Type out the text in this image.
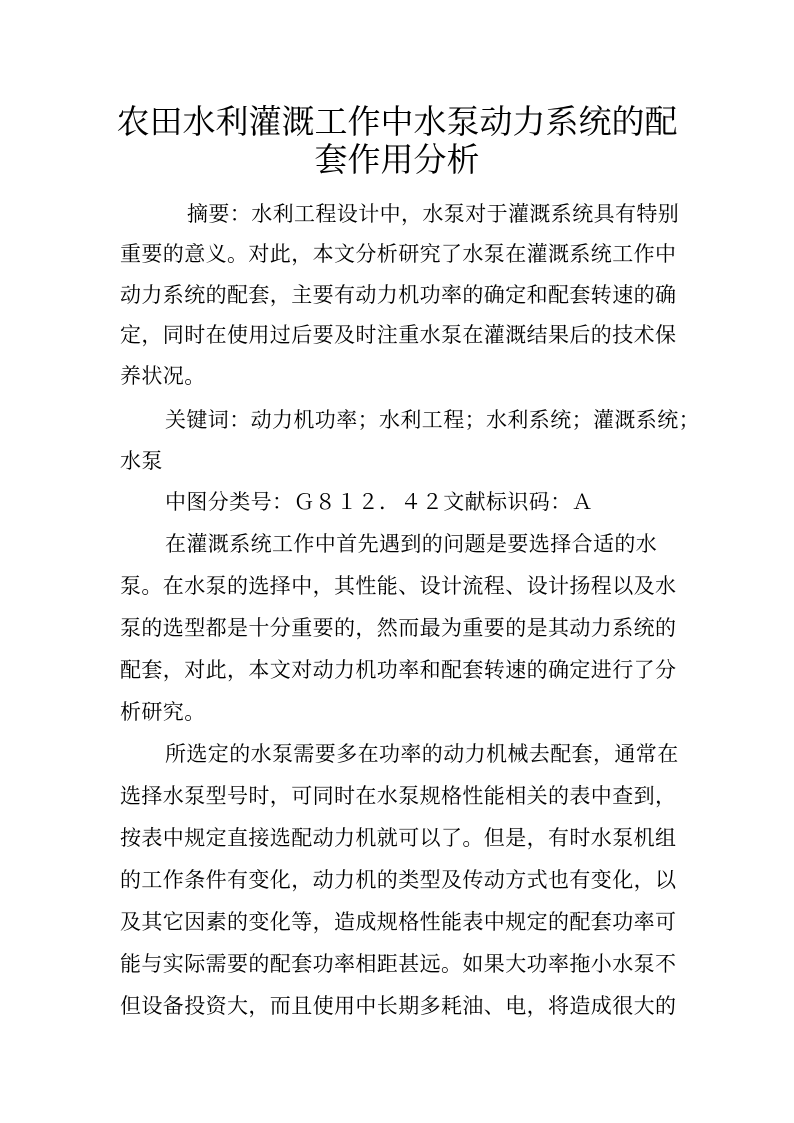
农田水利灌溉工作中水泵动力系统的配
套作用分析
摘要：水利工程设计中，水泵对于灌溉系统具有特别
重要的意义。对此，本文分析研究了水泵在灌溉系统工作中
动力系统的配套，主要有动力机功率的确定和配套转速的确
定，同时在使用过后要及时注重水泵在灌溉结果后的技术保
养状况。
关键词：动力机功率；水利工程；水利系统；灌溉系统；
水泵
中图分类号：Ｇ８１２．４２文献标识码：Ａ
在灌溉系统工作中首先遇到的问题是要选择合适的水
泵。在水泵的选择中，其性能、设计流程、设计扬程以及水
泵的选型都是十分重要的，然而最为重要的是其动力系统的
配套，对此，本文对动力机功率和配套转速的确定进行了分
析研究。
所选定的水泵需要多在功率的动力机械去配套，通常在
选择水泵型号时，可同时在水泵规格性能相关的表中查到，
按表中规定直接选配动力机就可以了。但是，有时水泵机组
的工作条件有变化，动力机的类型及传动方式也有变化，以
及其它因素的变化等，造成规格性能表中规定的配套功率可
能与实际需要的配套功率相距甚远。如果大功率拖小水泵不
但设备投资大，而且使用中长期多耗油、电，将造成很大的
